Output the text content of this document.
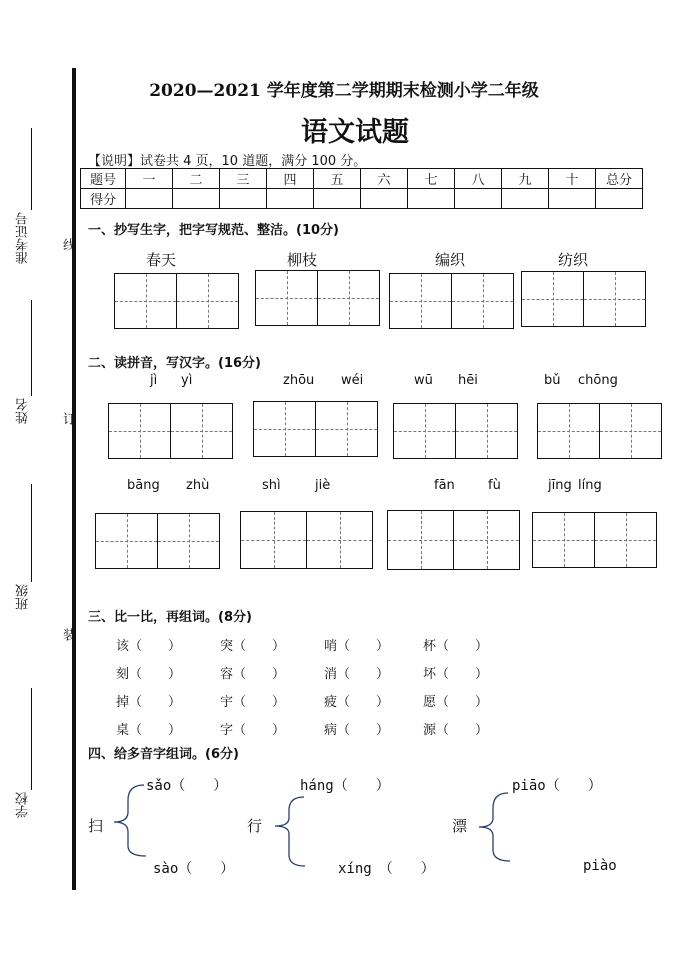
准考证号
姓名
班级
学校
线
订
装
2020—2021 学年度第二学期期末检测小学二年级
语文试题
【说明】试卷共 4 页，10 道题，满分 100 分。
题号	一	二	三	四	五	六	七	八	九	十	总分
得分											
一、抄写生字，把字写规范、整洁。(10分)
春天	柳枝	编织	纺织
二、读拼音，写汉字。(16分)
jì yì	zhōu wéi	wū hēi	bǔ chōng
bāng zhù	shì	jiè	fān	fù	jīng líng
三、比一比，再组词。(8分)
该（　　）	突（　　）	哨（　　）	杯（　　）
刻（　　）	容（　　）	消（　　）	坏（　　）
掉（　　）	宇（　　）	疲（　　）	愿（　　）
桌（　　）	字（　　）	病（　　）	源（　　）
四、给多音字组词。(6分)
扫
sǎo（　　）
sào（　　）
行
háng（　　）
xíng　（　　）
漂
piāo（　　）
piào
